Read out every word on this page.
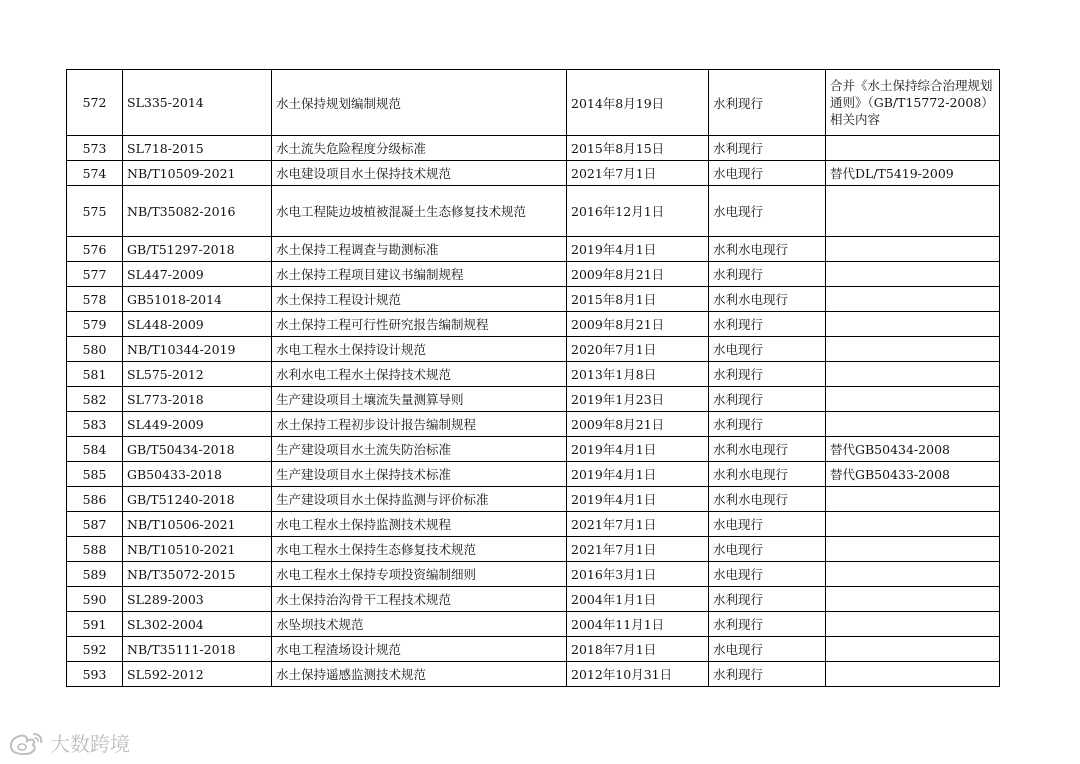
572	SL335-2014	水土保持规划编制规范	2014年8月19日	水利现行	合并《水土保持综合治理规划通则》（GB/T15772-2008）相关内容
573	SL718-2015	水土流失危险程度分级标准	2015年8月15日	水利现行	
574	NB/T10509-2021	水电建设项目水土保持技术规范	2021年7月1日	水电现行	替代DL/T5419-2009
575	NB/T35082-2016	水电工程陡边坡植被混凝土生态修复技术规范	2016年12月1日	水电现行	
576	GB/T51297-2018	水土保持工程调查与勘测标准	2019年4月1日	水利水电现行	
577	SL447-2009	水土保持工程项目建议书编制规程	2009年8月21日	水利现行	
578	GB51018-2014	水土保持工程设计规范	2015年8月1日	水利水电现行	
579	SL448-2009	水土保持工程可行性研究报告编制规程	2009年8月21日	水利现行	
580	NB/T10344-2019	水电工程水土保持设计规范	2020年7月1日	水电现行	
581	SL575-2012	水利水电工程水土保持技术规范	2013年1月8日	水利现行	
582	SL773-2018	生产建设项目土壤流失量测算导则	2019年1月23日	水利现行	
583	SL449-2009	水土保持工程初步设计报告编制规程	2009年8月21日	水利现行	
584	GB/T50434-2018	生产建设项目水土流失防治标准	2019年4月1日	水利水电现行	替代GB50434-2008
585	GB50433-2018	生产建设项目水土保持技术标准	2019年4月1日	水利水电现行	替代GB50433-2008
586	GB/T51240-2018	生产建设项目水土保持监测与评价标准	2019年4月1日	水利水电现行	
587	NB/T10506-2021	水电工程水土保持监测技术规程	2021年7月1日	水电现行	
588	NB/T10510-2021	水电工程水土保持生态修复技术规范	2021年7月1日	水电现行	
589	NB/T35072-2015	水电工程水土保持专项投资编制细则	2016年3月1日	水电现行	
590	SL289-2003	水土保持治沟骨干工程技术规范	2004年1月1日	水利现行	
591	SL302-2004	水坠坝技术规范	2004年11月1日	水利现行	
592	NB/T35111-2018	水电工程渣场设计规范	2018年7月1日	水电现行	
593	SL592-2012	水土保持遥感监测技术规范	2012年10月31日	水利现行	
大数跨境
